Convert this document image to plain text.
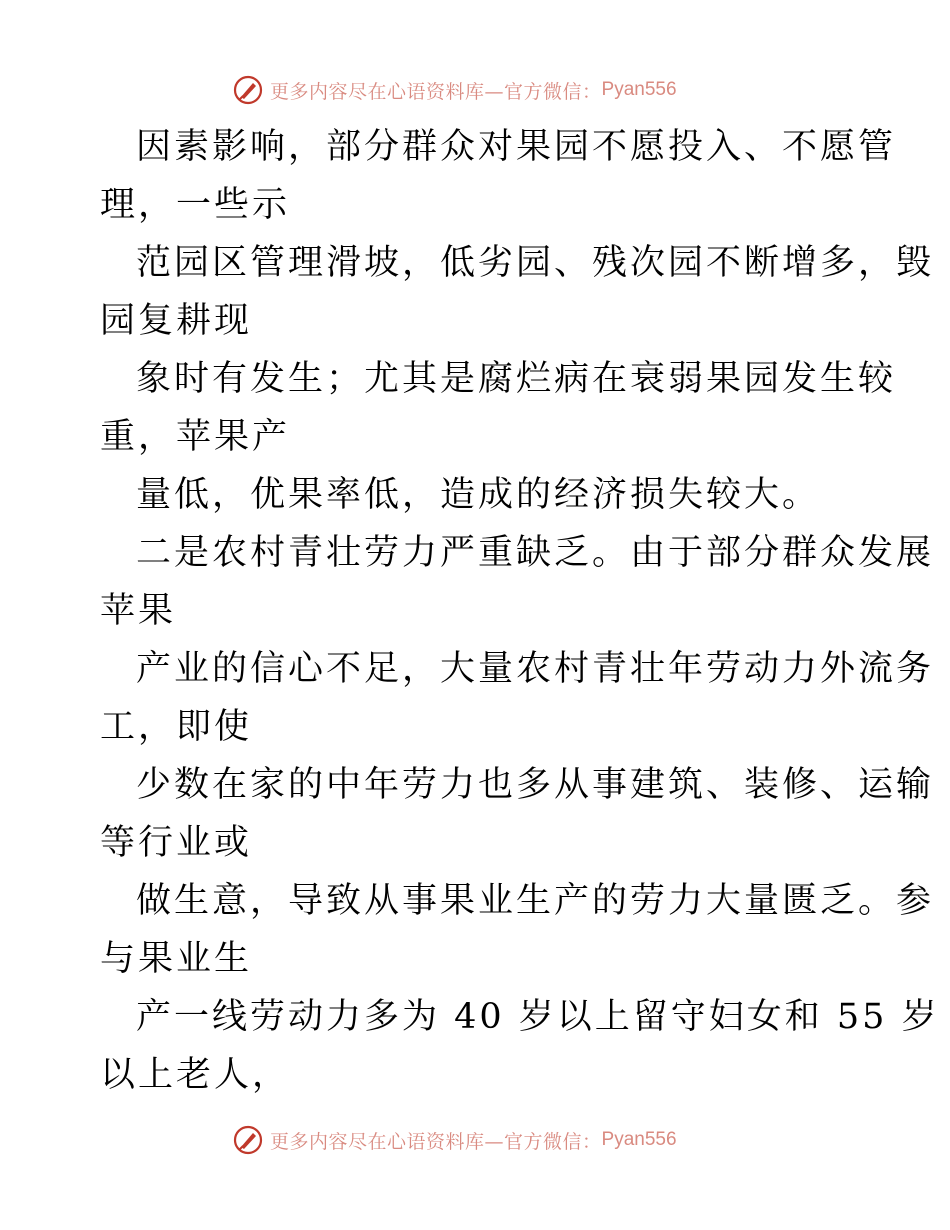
更多内容尽在心语资料库—官方微信： Pyan556
因素影响，部分群众对果园不愿投入、不愿管
理，一些示
范园区管理滑坡，低劣园、残次园不断增多，毁
园复耕现
象时有发生；尤其是腐烂病在衰弱果园发生较
重，苹果产
量低，优果率低，造成的经济损失较大。
二是农村青壮劳力严重缺乏。由于部分群众发展
苹果
产业的信心不足，大量农村青壮年劳动力外流务
工，即使
少数在家的中年劳力也多从事建筑、装修、运输
等行业或
做生意，导致从事果业生产的劳力大量匮乏。参
与果业生
产一线劳动力多为 40 岁以上留守妇女和 55 岁
以上老人，
更多内容尽在心语资料库—官方微信： Pyan556
